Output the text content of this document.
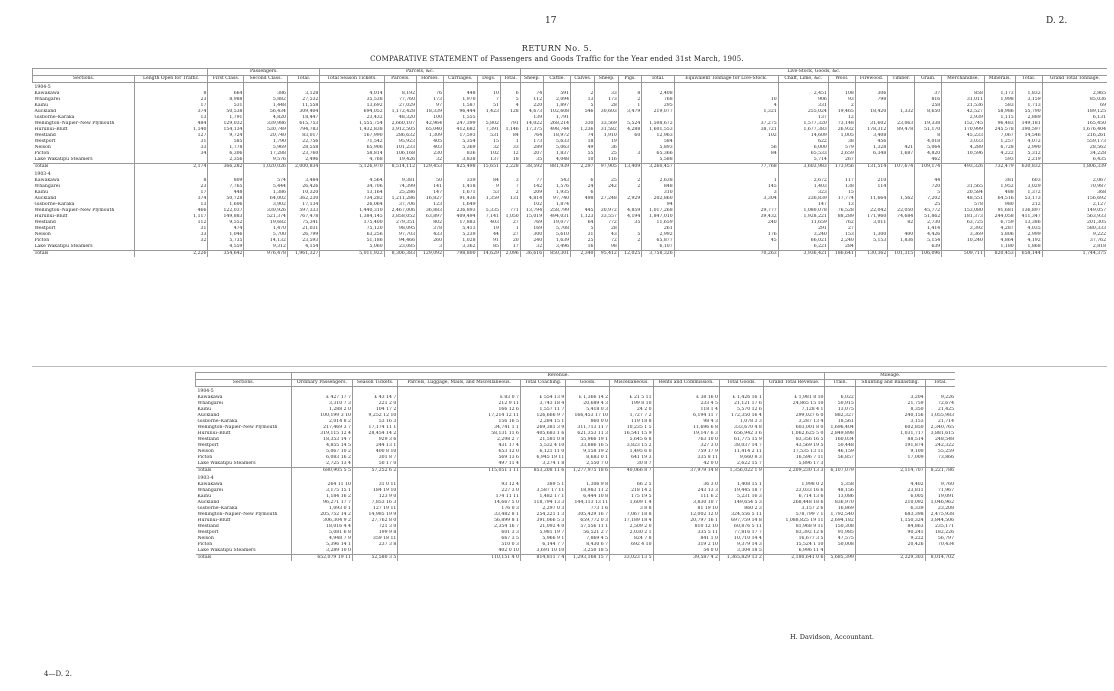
17	D. 2.
RETURN No. 5.
COMPARATIVE STATEMENT of Passengers and Goods Traffic for the Year ended 31st March, 1905.
		Passengers.			Parcels, &c.						Live-Stock, Goods, &c.															
Sections.	Length Open for Traffic.	First Class.	Second Class.	Total.	Total Season Tickets.	Parcels.	Horses.	Carriages.	Dogs.	Total.	Sheep.	Cattle.	Calves.	Sheep.	Pigs.	Total.	Equivalent Tonnage for Live-Stock.	Chaff, Lime, &c.	Wool.	Firewood.	Timber.	Grain.	Merchandise.	Minerals.	Total.	Grand Total Tonnage.
1904-5																										
Kawakawa	8	664	386	3,128	4,014	8,192	76	448	10	6	74	591	2	33	8	2,408		2,451	108	306		37	858	1,173	1,832	2,865
Whangarei	23	8,988	5,882	27,532	35,538	77,760	173	1,970	7	5	112	2,094	13	173	2	768	10	906	93	798		816	31,011	1,998	3,159	85,036
Kaihu	17	531	1,448	11,558	13,692	27,029	97	1,587	51	4	220	1,897	5	28	1	295	4	331	2			258	21,536	583	1,713	69
Auckland	374	50,538	56,434	309,404	694,052	1,172,428	18,339	96,444	1,423	128	4,673	102,608	546	30,603	3,479	219,077	1,321	255,024	19,465	18,420	1,332	8,650	42,527	58,986	55,790	189,125
Gisborne–Karaka	13	1,791	4,820	18,447	23,432	48,320	100	1,555			139	1,791						137	12				2,939	1,115	2,889	6,131
Wellington–Napier–New Plymouth	484	129,032	339,986	615,753	1,555,754	2,660,107	42,964	247,399	5,802	791	14,022	268,214	330	33,569	5,524	1,508,672	37,275	1,577,320	73,148	31,602	23,063	19,338	152,745	96,483	149,181	165,450
Hurunui–Bluff	1,140	154,134	530,749	794,783	1,432,838	3,912,505	65,040	412,682	7,391	1,146	17,375	498,744	1,236	31,582	4,288	1,601,553	38,721	1,677,383	26,932	178,312	89,478	51,170	170,999	245,578	390,597	1,676,404
Westland	127	9,724	20,740	83,017	167,990	286,632	1,309	17,593	531	84	764	18,972	74	1,910	60	12,963	102	14,609	1,005	3,408		8	45,233	7,067	14,546	216,261
Westport	31	585	1,790	22,756	71,542	95,923	405	5,354	15	1	173	5,633	18	19		584		622	38	456		4,018	3,033	1,257	4,072	559,173
Nelson	33	1,778	5,969	28,558	65,906	101,233	403	5,369	32	33	289	5,063	49	36		5,893	56	6,000	579	1,328	421	5,064	4,289	6,728	2,990	28,562
Picton	34	6,306	17,288	23,760	58,814	106,168	230	836	102	12	207	1,837	55	25	3	65,366	84	65,533	2,659	6,348	1,687	4,820	10,596	4,222	5,312	34,228
Lake Wakatipu Steamers		2,356	9,576	2,496	4,768	19,426	32	3,838	137	18	35	4,048	10	116		5,588		5,714	267			462		593	2,219	6,435
Totals	2,174	366,282	1,020,026	2,000,834	5,126,970	8,514,112	129,453	825,498	15,651	2,228	38,592	881,939	2,297	97,905	13,409	3,260,457	77,768	3,603,983	173,956	131,514	107,674	109,174	493,326	732,479	630,832	1,806,339
1903-4																										
Kawakawa	8	809	574	3,484	4,564	9,381	50	339	84	3	77	543	6	25	2	2,638	1	2,672	117	210		44		381	603	2,067
Whangarei	23	7,765	5,444	26,426	34,706	74,399	141	1,418	9	7	142	1,576	24	242	2	848	145	1,403	138	114		720	31,565	1,952	3,029	70,987
Kaihu	17	448	1,386	10,320	13,164	25,286	147	1,671	53	2	209	1,935	6			310	3	323	15			5	20,584	488	1,372	368
Auckland	374	50,728	64,002	362,230	734,282	1,211,286	16,827	91,436	1,359	131	4,814	97,740	498	27,248	2,929	202,860	3,304	236,839	17,774	11,664	1,562	7,202	48,551	64,516	53,173	156,692
Gisborne–Karaka	13	1,606	3,902	17,134	26,064	37,706	123	1,649			102	1,874				94		147	13			25	578	980	212	2,127
Wellington–Napier–New Plymouth	466	122,037	330,926	597,333	1,440,310	2,467,006	36,883	236,893	5,335	771	13,794	258,799	445	30,972	4,859	1,017,268	29,777	1,080,078	76,528	22,042	22,050	45,772	153,080	91,681	136,897	149,057
Hurunui–Bluff	1,117	149,883	521,374	767,478	1,384,145	3,858,052	63,897	409,494	7,141	1,050	15,019	494,031	1,123	33,557	4,194	1,847,010	39,432	1,928,221	88,289	171,960	74,684	51,862	181,373	244,058	411,347	563,933
Westland	112	9,552	19,682	75,341	175,400	279,351	802	17,883	403	27	769	19,077	64	772	35	11,659	240	11,659	762	3,011	82	2,730	63,725	6,759	13,386	201,305
Westport	31	474	1,470	21,031	75,120	98,095	378	5,413	19	1	169	5,708	5	28		261		291	27			1,414	3,392	4,287	4,035	580,333
Nelson	33	1,046	5,700	26,799	63,256	97,703	433	5,239	44	27	300	5,610	31	43	5	2,992	176	3,240	153	1,300	400	4,426	3,369	5,806	2,999	9,222
Picton	32	5,735	14,132	23,593	51,186	94,466	260	1,028	91	20	240	1,639	25	72	2	65,877	45	66,021	2,240	5,153	1,836	5,154	10,240	4,864	4,192	37,762
Lake Wakatipu Steamers		4,559	9,312	4,154	5,060	23,085	3	3,362	85	17	32	3,496	16	98		6,107		6,221	284			639		1,180	1,868	2,818
Totals	2,226	354,642	976,478	1,961,327	5,011,922	8,306,383	129,092	798,800	14,629	2,096	36,616	850,301	2,340	95,412	12,025	3,758,326	70,263	3,936,421	186,641	130,362	101,315	106,096	509,711	820,453	658,144	1,744,375
	Revenue.									Mileage.		
Sections.	Ordinary Passengers.	Season Tickets.	Parcels, Luggage, Mails, and Miscellaneous.	Total Coaching.	Goods.	Miscellaneous.	Rents and Commission.	Total Goods.	Grand Total Revenue.	Train.	Shunting and Ballasting.	Total.
1904-5												
Kawakawa	£ 427 17 7	£ 43 14 7	£ 83 0 7	£ 554 13 9	£ 1,366 14 2	£ 21 5 11	£ 38 16 0	£ 1,426 16 1	£ 1,981 8 10	6,022	3,204	9,226
Whangarei	3,310 7 3	221 2 0	212 9 11	3,743 18 4	20,689 4 3	199 8 10	233 4 5	21,121 17 6	24,865 15 10	50,915	21,759	72,674
Kaihu	1,288 2 0	104 17 2	166 12 6	1,557 11 7	5,418 0 3	24 2 0	118 1 4	5,570 12 6	7,128 4 1	13,075	8,350	21,425
Auckland	100,199 3 10	9,252 12 10	17,214 12 11	126,666 9 7	166,453 17 10	1,727 7 2	6,194 11 7	172,350 16 4	299,027 6 0	882,327	240,156	1,055,983
Gisborne–Karaka	2,014 8 2	53 16 3	156 16 5	2,284 15 1	860 0 0	119 18 8	98 4 3	1,078 3 3	3,287 13 4	18,561	3,153	21,714
Wellington–Napier–New Plymouth	217,469 3 7	17,174 11 1	34,741 1 1	269,381 3 9	311,713 11 7	10,235 1 5	11,696 6 8	333,670 4 8	603,001 8 0	1,696,404	602,850	2,340,765
Hurunui–Bluff	319,115 12 4	28,454 14 2	58,131 11 6	405,683 1 6	621,353 11 3	16,541 15 9	19,147 6 3	656,942 3 6	1,062,625 5 0	2,849,898	1,031,717	3,881,615
Westland	18,353 14 7	929 3 6	2,298 2 7	21,581 0 8	55,966 19 1	5,645 6 8	763 10 0	61,775 15 9	83,356 16 5	160,034	88,514	248,548
Westport	4,855 14 5	244 13 1	431 17 4	5,532 4 10	33,886 16 5	3,823 15 2	327 3 0	38,037 14 7	43,569 19 5	50,448	191,874	242,322
Nelson	5,067 10 2	400 8 10	653 12 0	6,121 11 0	9,158 19 2	1,495 6 0	759 17 9	11,414 2 11	17,535 13 11	46,159	9,100	55,259
Picton	6,083 16 2	301 8 7	569 13 6	6,945 19 11	8,683 0 1	641 19 3	335 8 11	9,660 8 3	16,596 7 11	56,857	17,009	73,866
Lake Wakatipu Steamers	2,725 13 4	50 17 0	497 11 4	3,274 1 8	2,550 7 0	30 8 7	42 0 0	2,622 15 7	5,896 17 3			
Totals	680,905 5 5	57,252 6 2	115,051 1 11	853,208 11 6	1,277,975 18 6	40,066 8 7	37,979 14 8	1,356,022 1 9	2,209,230 13 3	6,107,079	2,114,707	8,221,786
1903-4												
Kawakawa	264 11 10	31 0 11	93 12 4	389 5 1	1,306 9 8	66 2 5	36 3 0	1,408 15 1	1,998 0 2	5,358	4,402	9,760
Whangarei	3,175 15 1	184 19 10	227 3 0	3,587 17 11	18,983 11 2	218 14 2	243 13 3	19,445 18 7	23,033 16 6	48,156	23,811	71,967
Kaihu	1,184 16 2	123 9 0	174 11 11	1,482 17 1	6,444 10 8	175 19 5	111 6 2	5,231 16 3	6,714 13 6	13,086	6,005	19,091
Auckland	96,271 17 7	7,853 16 3	14,667 5 0	118,794 13 3	144,113 13 11	1,609 1 4	3,830 10 7	149,654 5 3	268,448 18 6	836,970	210,092	1,046,962
Gisborne–Karaka	1,093 0 1	127 19 11	176 0 3	2,297 0 3	773 1 6	3 8 8	81 19 10	860 2 3	3,157 2 6	16,869	6,339	23,208
Wellington–Napier–New Plymouth	205,752 14 2	14,985 19 9	33,482 8 1	254,221 1 3	305,429 16 7	7,067 18 8	12,002 12 0	324,556 5 11	578,799 7 1	1,792,540	683,398	2,475,938
Hurunui–Bluff	306,304 9 2	27,762 8 0	56,899 8 1	391,066 5 3	659,772 0 3	17,189 18 4	20,797 16 1	697,759 14 8	1,088,825 19 11	2,694,182	1,150,324	3,844,506
Westland	18,016 4 4	721 3 0	2,354 16 7	21,092 4 0	57,556 11 1	2,509 2 0	810 12 10	60,876 5 11	81,968 9 11	150,308	84,863	235,171
Westport	5,081 6 8	199 9 8	601 3 3	5,981 19 7	56,521 2 7	2,030 2 1	335 5 11	77,816 17 7	83,392 12 6	91,985	90,241	182,226
Nelson	4,948 7 9	359 18 11	667 3 5	5,966 9 1	7,869 4 5	824 7 8	841 1 0	10,710 14 4	16,677 3 5	47,575	9,222	56,797
Picton	5,396 14 1	237 3 8	510 0 3	6,144 7 7	8,430 6 7	692 4 10	319 2 10	9,379 14 3	15,524 1 10	50,008	20,426	70,434
Lake Wakatipu Steamers	3,289 10 0		402 0 10	3,691 10 10	3,250 18 5		54 0 0	3,304 18 5	6,996 11 4			
Totals	652,079 19 11	52,580 3 5	110,151 4 0	814,811 7 4	1,293,168 15 7	33,023 13 5	39,587 4 2	1,365,829 13 2	2,180,641 0 6	5,685,399	2,329,303	8,014,702
H. Davidson, Accountant.
4—D. 2.
